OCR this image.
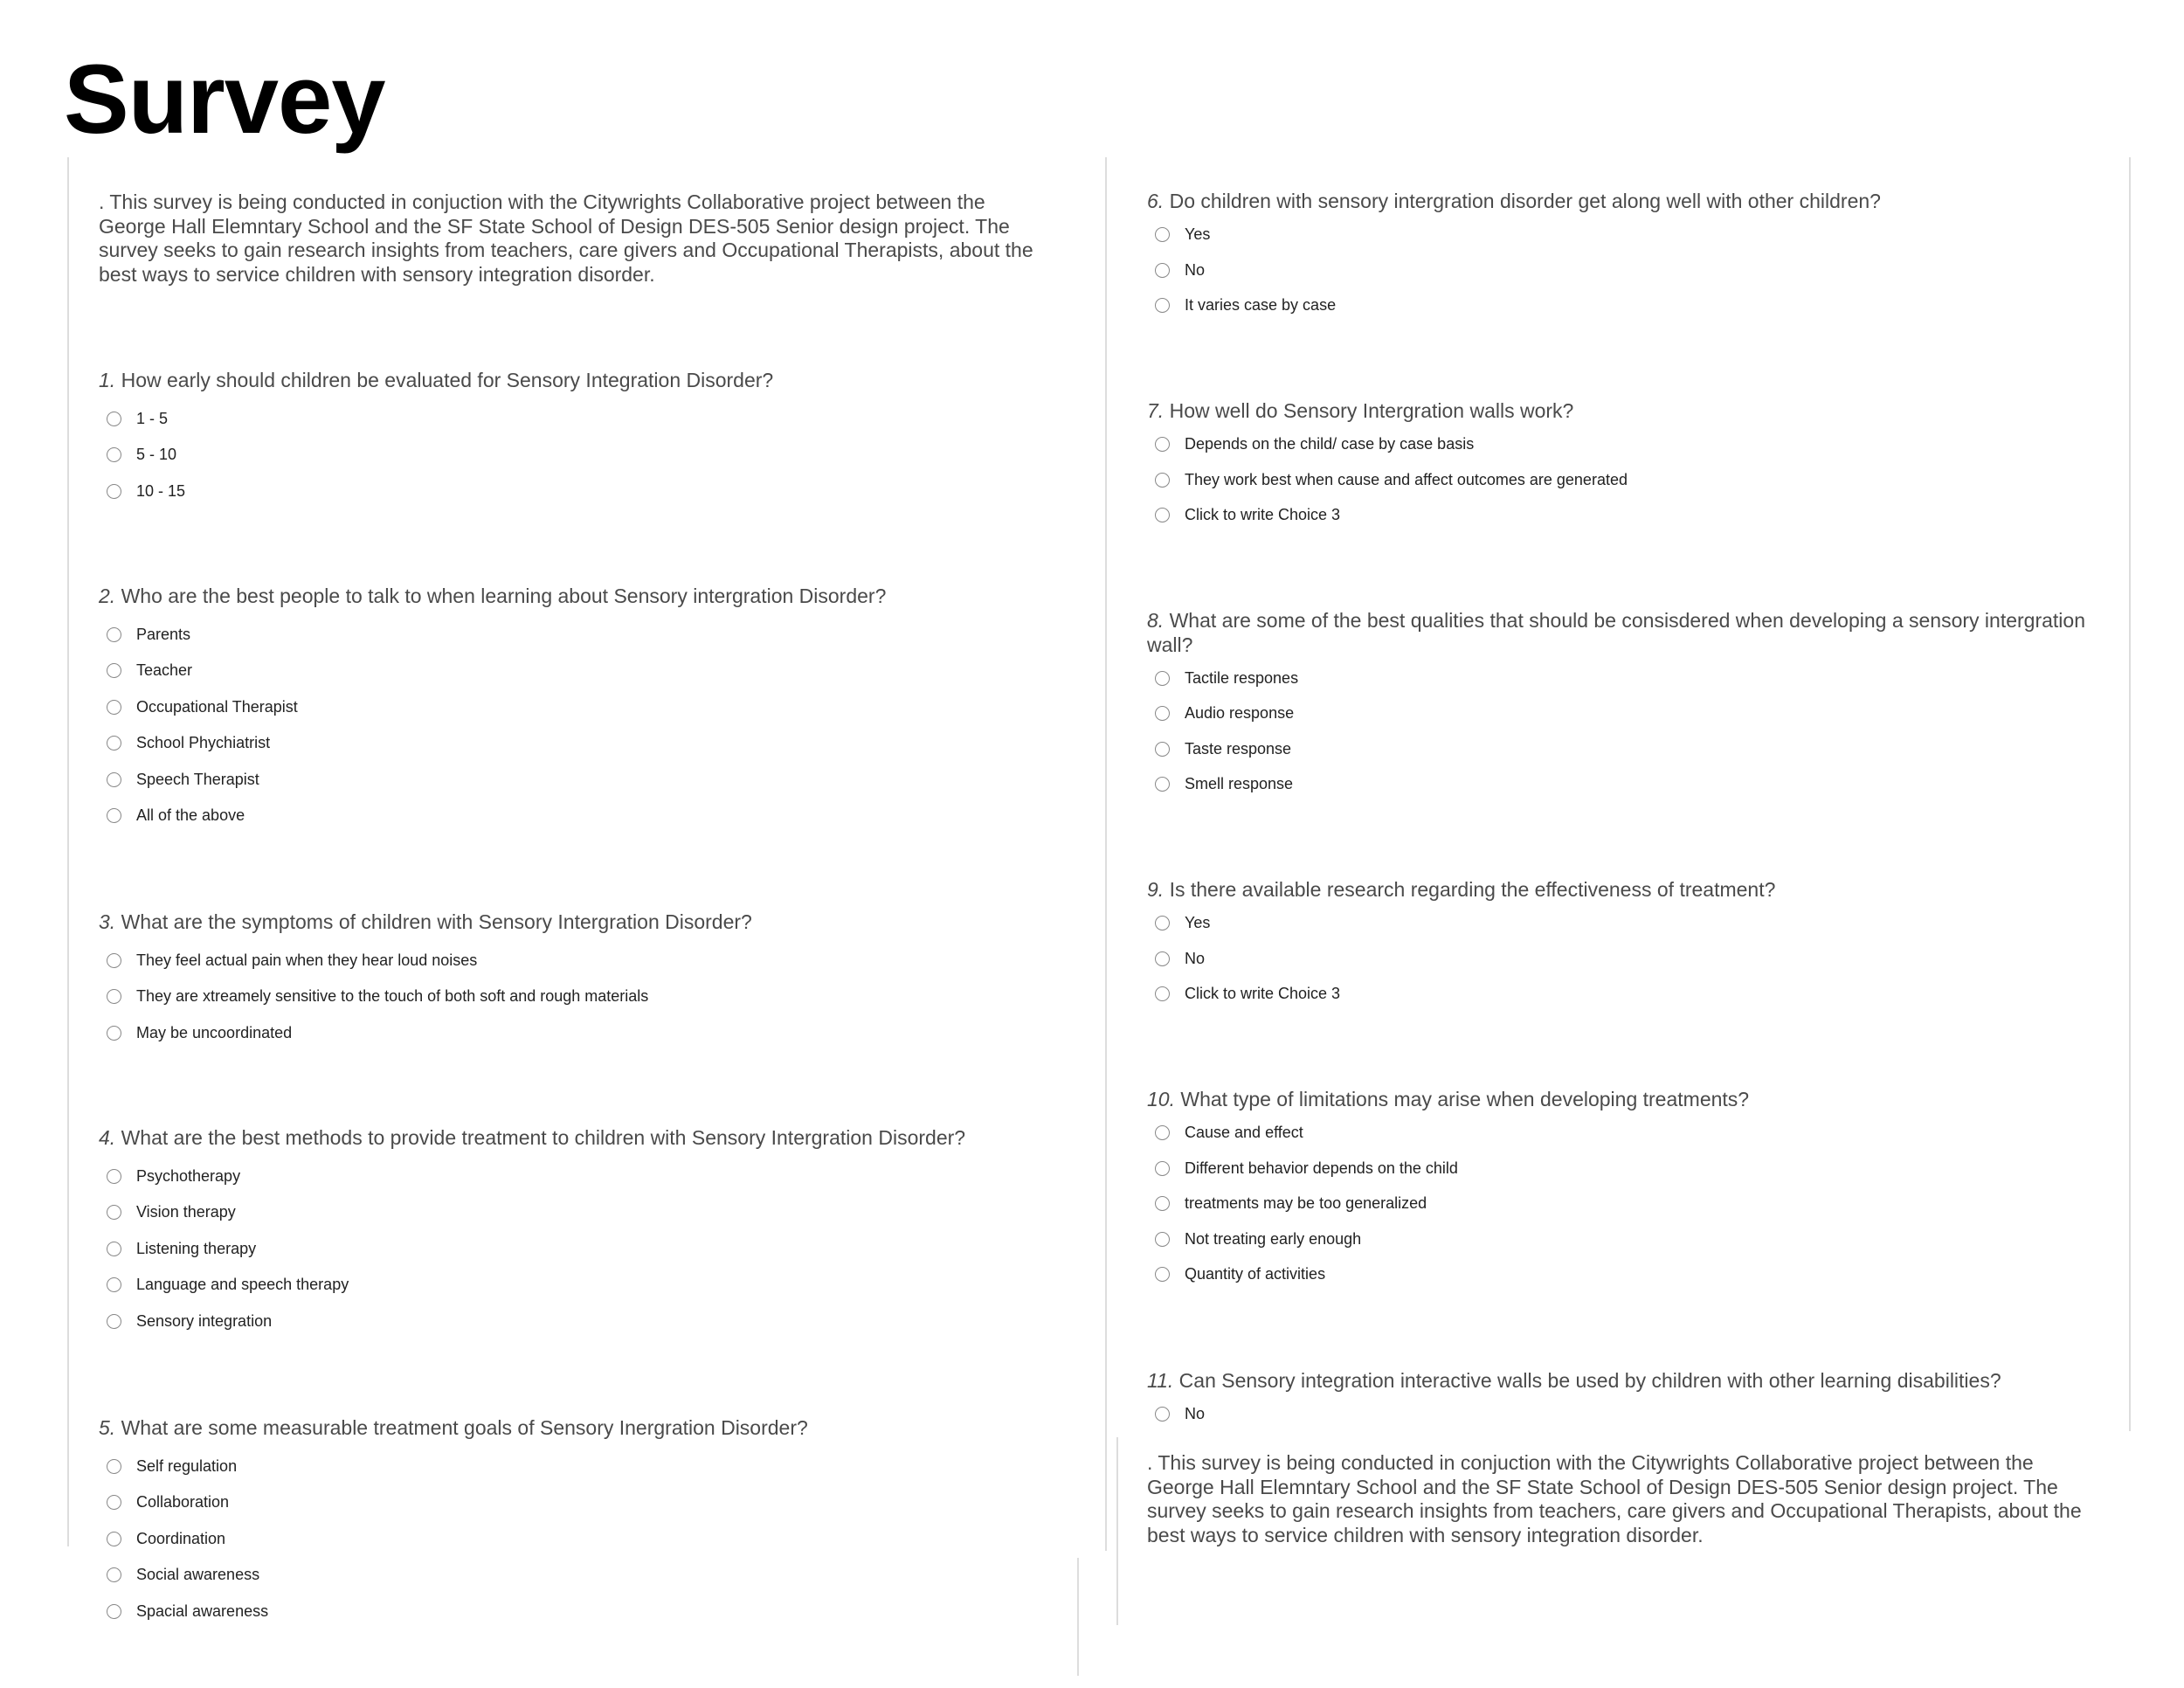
Survey

. This survey is being conducted in conjuction with the Citywrights Collaborative project between the
George Hall Elemntary School and the SF State School of Design DES-505 Senior design project. The
survey seeks to gain research insights from teachers, care givers and Occupational Therapists, about the
best ways to service children with sensory integration disorder.

1. How early should children be evaluated for Sensory Integration Disorder?

1 - 5
5 - 10
10 - 15

2. Who are the best people to talk to when learning about Sensory intergration Disorder?

Parents
Teacher
Occupational Therapist
School Phychiatrist
Speech Therapist
All of the above

3. What are the symptoms of children with Sensory Intergration Disorder?

They feel actual pain when they hear loud noises
They are xtreamely sensitive to the touch of both soft and rough materials
May be uncoordinated

4. What are the best methods to provide treatment to children with Sensory Intergration Disorder?

Psychotherapy
Vision therapy
Listening therapy
Language and speech therapy
Sensory integration

5. What are some measurable treatment goals of Sensory Inergration Disorder?

Self regulation
Collaboration
Coordination
Social awareness
Spacial awareness

6. Do children with sensory intergration disorder get along well with other children?

Yes
No
It varies case by case

7. How well do Sensory Intergration walls work?

Depends on the child/ case by case basis
They work best when cause and affect outcomes are generated
Click to write Choice 3

8. What are some of the best qualities that should be consisdered when developing a sensory intergration wall?

Tactile respones
Audio response
Taste response
Smell response

9. Is there available research regarding the effectiveness of treatment?

Yes
No
Click to write Choice 3

10. What type of limitations may arise when developing treatments?

Cause and effect
Different behavior depends on the child
treatments may be too generalized
Not treating early enough
Quantity of activities

11. Can Sensory integration interactive walls be used by children with other learning disabilities?

No

. This survey is being conducted in conjuction with the Citywrights Collaborative project between the
George Hall Elemntary School and the SF State School of Design DES-505 Senior design project. The
survey seeks to gain research insights from teachers, care givers and Occupational Therapists, about the
best ways to service children with sensory integration disorder.
